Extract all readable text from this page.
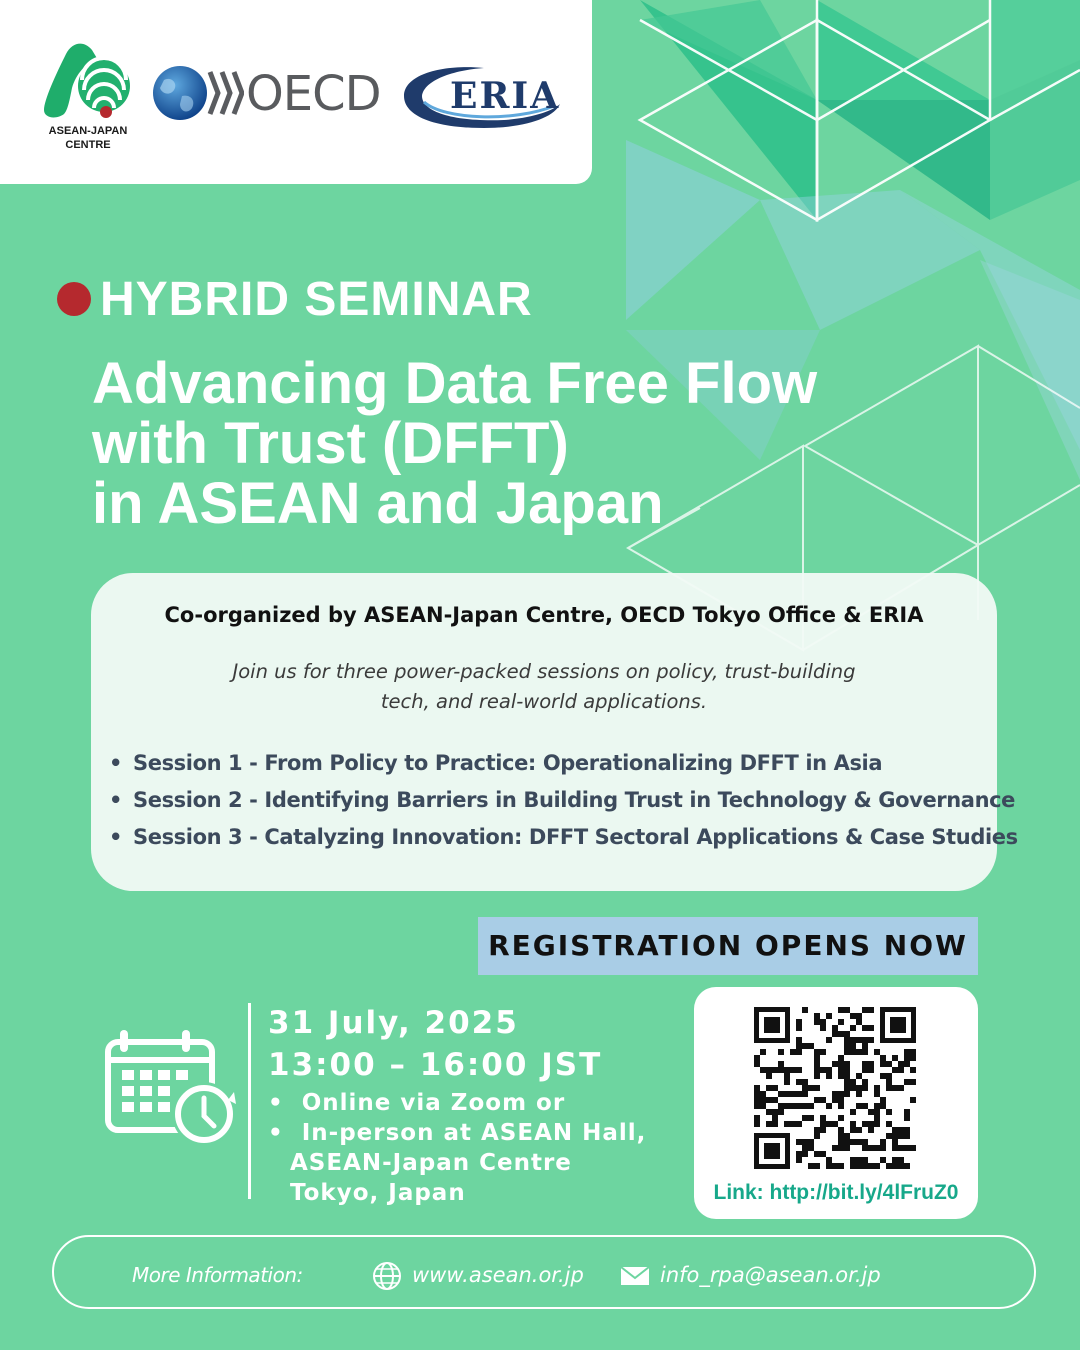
ASEAN-JAPAN
CENTRE
OECD ERIA
HYBRID SEMINAR
Advancing Data Free Flow
with Trust (DFFT)
in ASEAN and Japan
Co-organized by ASEAN-Japan Centre, OECD Tokyo Office & ERIA
Join us for three power-packed sessions on policy, trust-building tech, and real-world applications.
• Session 1 - From Policy to Practice: Operationalizing DFFT in Asia
• Session 2 - Identifying Barriers in Building Trust in Technology & Governance
• Session 3 - Catalyzing Innovation: DFFT Sectoral Applications & Case Studies
REGISTRATION OPENS NOW
31 July, 2025
13:00 – 16:00 JST
•  Online via Zoom or
•  In-person at ASEAN Hall,
ASEAN-Japan Centre
Tokyo, Japan	Link: http://bit.ly/4lFruZ0
More Information:	www.asean.or.jp	info_rpa@asean.or.jp
